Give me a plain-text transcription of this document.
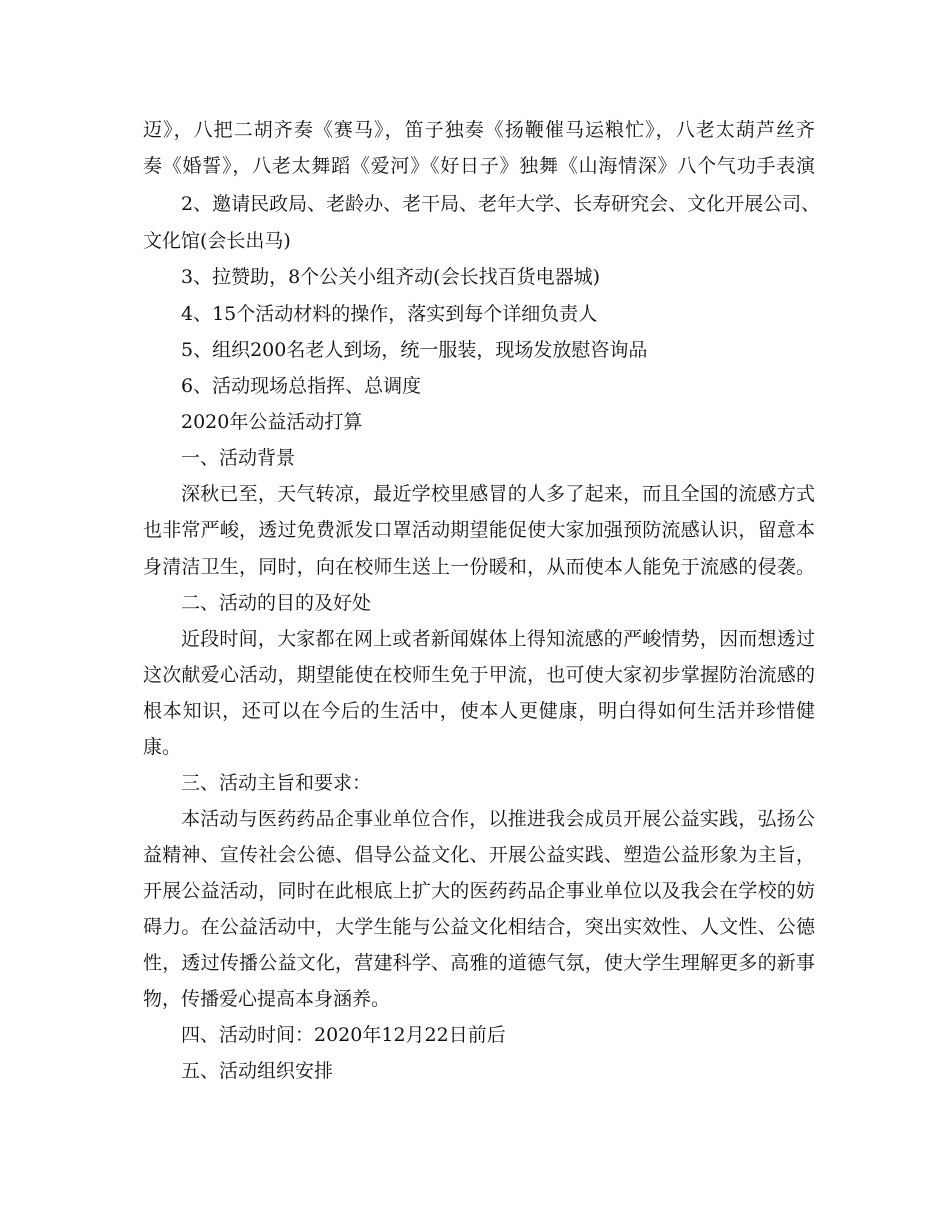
迈》，八把二胡齐奏《赛马》，笛子独奏《扬鞭催马运粮忙》，八老太葫芦丝齐
奏《婚誓》，八老太舞蹈《爱河》《好日子》独舞《山海情深》八个气功手表演
2、邀请民政局、老龄办、老干局、老年大学、长寿研究会、文化开展公司、
文化馆(会长出马)
3、拉赞助，8个公关小组齐动(会长找百货电器城)
4、15个活动材料的操作，落实到每个详细负责人
5、组织200名老人到场，统一服装，现场发放慰咨询品
6、活动现场总指挥、总调度
2020年公益活动打算
一、活动背景
深秋已至，天气转凉，最近学校里感冒的人多了起来，而且全国的流感方式
也非常严峻，透过免费派发口罩活动期望能促使大家加强预防流感认识，留意本
身清洁卫生，同时，向在校师生送上一份暖和，从而使本人能免于流感的侵袭。
二、活动的目的及好处
近段时间，大家都在网上或者新闻媒体上得知流感的严峻情势，因而想透过
这次献爱心活动，期望能使在校师生免于甲流，也可使大家初步掌握防治流感的
根本知识，还可以在今后的生活中，使本人更健康，明白得如何生活并珍惜健
康。
三、活动主旨和要求：
本活动与医药药品企事业单位合作，以推进我会成员开展公益实践，弘扬公
益精神、宣传社会公德、倡导公益文化、开展公益实践、塑造公益形象为主旨，
开展公益活动，同时在此根底上扩大的医药药品企事业单位以及我会在学校的妨
碍力。在公益活动中，大学生能与公益文化相结合，突出实效性、人文性、公德
性，透过传播公益文化，营建科学、高雅的道德气氛，使大学生理解更多的新事
物，传播爱心提高本身涵养。
四、活动时间：2020年12月22日前后
五、活动组织安排
